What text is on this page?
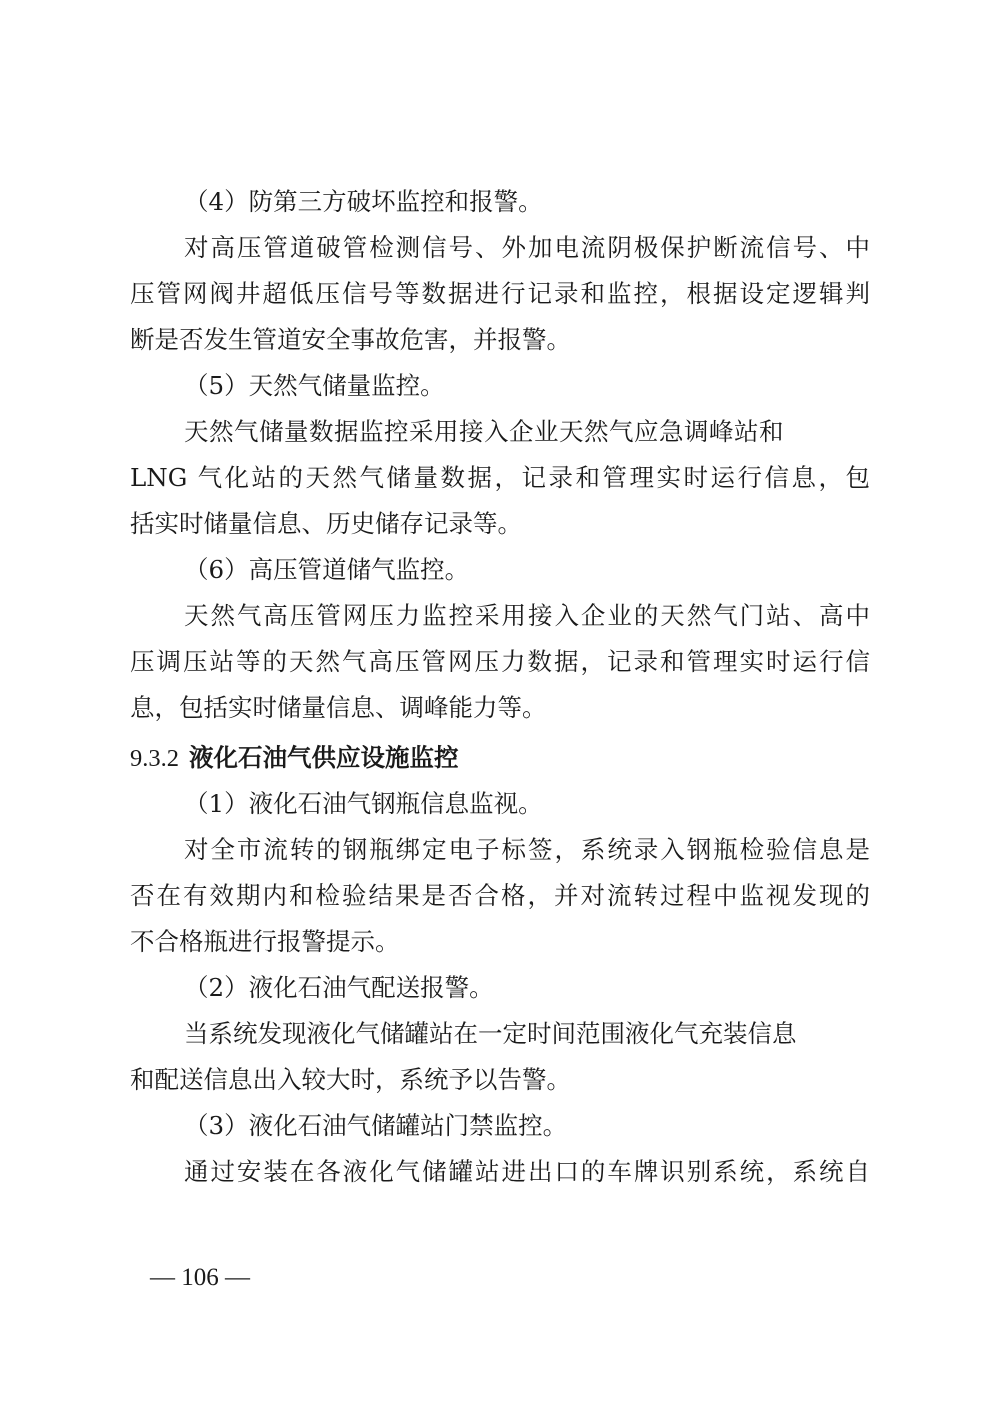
（4）防第三方破坏监控和报警。
对高压管道破管检测信号、外加电流阴极保护断流信号、中
压管网阀井超低压信号等数据进行记录和监控，根据设定逻辑判
断是否发生管道安全事故危害，并报警。
（5）天然气储量监控。
天然气储量数据监控采用接入企业天然气应急调峰站和
LNG 气化站的天然气储量数据，记录和管理实时运行信息，包
括实时储量信息、历史储存记录等。
（6）高压管道储气监控。
天然气高压管网压力监控采用接入企业的天然气门站、高中
压调压站等的天然气高压管网压力数据，记录和管理实时运行信
息，包括实时储量信息、调峰能力等。
9.3.2 液化石油气供应设施监控
（1）液化石油气钢瓶信息监视。
对全市流转的钢瓶绑定电子标签，系统录入钢瓶检验信息是
否在有效期内和检验结果是否合格，并对流转过程中监视发现的
不合格瓶进行报警提示。
（2）液化石油气配送报警。
当系统发现液化气储罐站在一定时间范围液化气充装信息
和配送信息出入较大时，系统予以告警。
（3）液化石油气储罐站门禁监控。
通过安装在各液化气储罐站进出口的车牌识别系统，系统自
— 106 —
